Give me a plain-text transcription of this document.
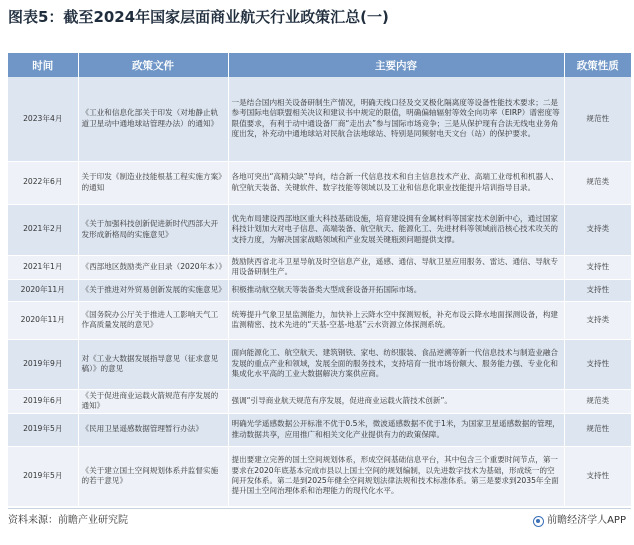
图表5：截至2024年国家层面商业航天行业政策汇总(一)
时间	政策文件	主要内容	政策性质
2023年4月	《工业和信息化部关于印发（对地静止轨道卫星动中通地球站管理办法）的通知》	一是结合国内相关设备研制生产情况，明确天线口径及交叉极化隔离度等设备性能技术要求；二是参考国际电信联盟相关决议和建议书中规定的限值，明确偏轴辐射等效全向功率（EIRP）谱密度等限值要求，有利于动中通设备厂商“走出去”参与国际市场竞争；三是从保护现有合法无线电业务角度出发，补充动中通地球站对民航合法地球站、特别是同频射电天文台（站）的保护要求。	规范性
2022年6月	关于印发《制造业技能根基工程实施方案》的通知	各地可突出“高精尖缺”导向，结合新一代信息技术和自主信息技术产业、高端工业母机和机器人、航空航天装备、关键软件、数字技能等领域以及工业和信息化职业技能提升培训指导目录。	规范类
2021年2月	《关于加强科技创新促进新时代西部大开发形成新格局的实施意见》	优先布局建设西部地区重大科技基础设施，培育建设拥有金属材料等国家技术创新中心，通过国家科技计划加大对电子信息、高端装备、航空航天、能源化工、先进材料等领域前沿核心技术攻关的支持力度，为解决国家战略领域和产业发展关键瓶颈问题提供支撑。	支持类
2021年1月	《西部地区鼓励类产业目录（2020年本）》	鼓励陕西省北斗卫星导航及时空信息产业，遥感、通信、导航卫星应用服务、雷达、通信、导航专用设备研制生产。	支持性
2020年11月	《关于推进对外贸易创新发展的实施意见》	积极推动航空航天等装备类大型成套设备开拓国际市场。	支持性
2020年11月	《国务院办公厅关于推进人工影响天气工作高质量发展的意见》	统筹提升气象卫星监测能力，加快补上云降水空中探测短板，补充布设云降水地面探测设备，构建监测精密、技术先进的“天基-空基-地基”云水资源立体探测系统。	支持类
2019年9月	对《工业大数据发展指导意见（征求意见稿）》的意见	面向能源化工、航空航天、建筑钢铁、家电、纺织服装、食品逆溯等新一代信息技术与制造业融合发展的重点产业和领域，发展全面的服务技术，支持培育一批市场份额大、服务能力强、专业化和集成化水平高的工业大数据解决方案供应商。	支持性
2019年6月	《关于促进商业运载火箭规范有序发展的通知》	强调“引导商业航天规范有序发展，促进商业运载火箭技术创新”。	规范类
2019年5月	《民用卫星遥感数据管理暂行办法》	明确光学遥感数据公开标准不优于0.5米，微波遥感数据不优于1米，为国家卫星遥感数据的管理，推动数据共享，应用推广和相关文化产业提供有力的政策保障。	规范性
2019年5月	《关于建立国土空间规划体系并监督实施的若干意见》	提出要建立完善的国土空间规划体系，形成空间基础信息平台，其中包含三个重要时间节点，第一要求在2020年底基本完成市县以上国土空间的规划编制，以先进数字技术为基础，形成统一的空间开发体系。第二是到2025年健全空间规划法律法规和技术标准体系。第三是要求到2035年全面提升国土空间治理体系和治理能力的现代化水平。	支持性
资料来源：前瞻产业研究院	前瞻经济学人APP
